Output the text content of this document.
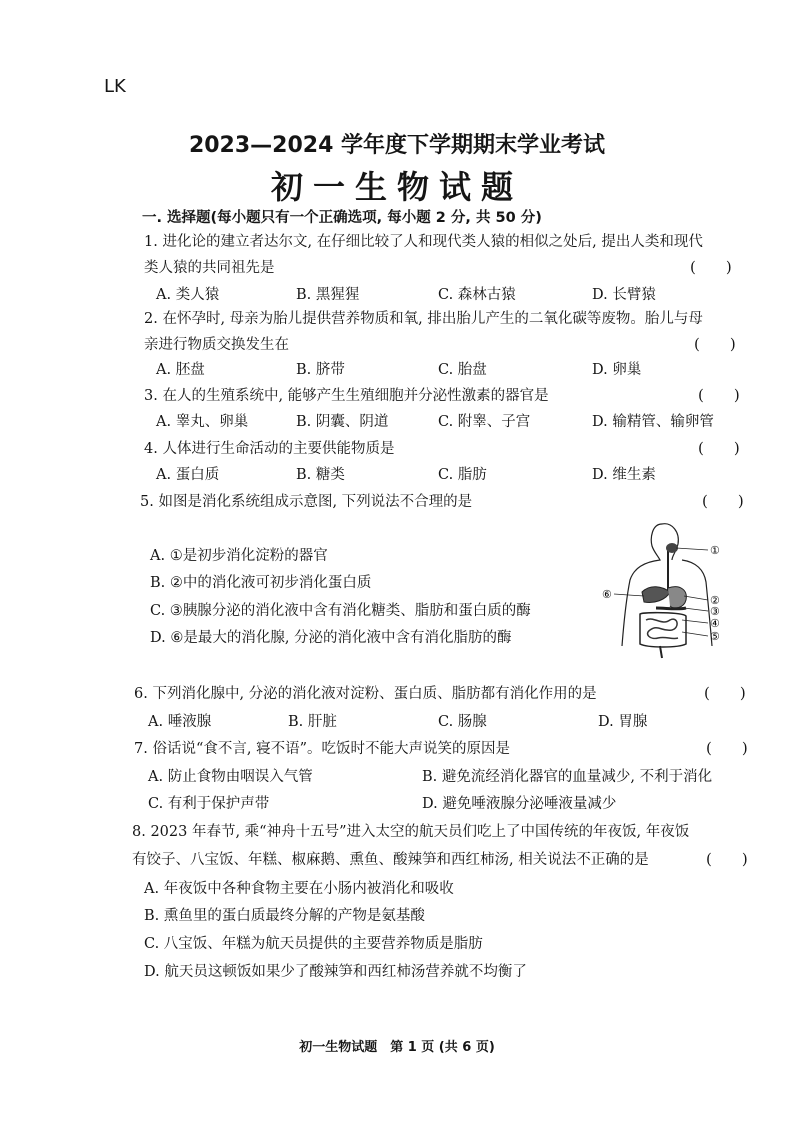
LK
2023—2024 学年度下学期期末学业考试
初一生物试题
一. 选择题(每小题只有一个正确选项, 每小题 2 分, 共 50 分)
1. 进化论的建立者达尔文, 在仔细比较了人和现代类人猿的相似之处后, 提出人类和现代
类人猿的共同祖先是	(　　)
A. 类人猿	B. 黑猩猩	C. 森林古猿	D. 长臂猿
2. 在怀孕时, 母亲为胎儿提供营养物质和氧, 排出胎儿产生的二氧化碳等废物。胎儿与母
亲进行物质交换发生在	(　　)
A. 胚盘	B. 脐带	C. 胎盘	D. 卵巢
3. 在人的生殖系统中, 能够产生生殖细胞并分泌性激素的器官是	(　　)
A. 睾丸、卵巢	B. 阴囊、阴道	C. 附睾、子宫	D. 输精管、输卵管
4. 人体进行生命活动的主要供能物质是	(　　)
A. 蛋白质	B. 糖类	C. 脂肪	D. 维生素
5. 如图是消化系统组成示意图, 下列说法不合理的是	(　　)
A. ①是初步消化淀粉的器官
B. ②中的消化液可初步消化蛋白质
C. ③胰腺分泌的消化液中含有消化糖类、脂肪和蛋白质的酶
D. ⑥是最大的消化腺, 分泌的消化液中含有消化脂肪的酶
①
②
③
④
⑤
⑥
6. 下列消化腺中, 分泌的消化液对淀粉、蛋白质、脂肪都有消化作用的是	(　　)
A. 唾液腺	B. 肝脏	C. 肠腺	D. 胃腺
7. 俗话说“食不言, 寝不语”。吃饭时不能大声说笑的原因是	(　　)
A. 防止食物由咽误入气管	B. 避免流经消化器官的血量减少, 不利于消化
C. 有利于保护声带	D. 避免唾液腺分泌唾液量减少
8. 2023 年春节, 乘“神舟十五号”进入太空的航天员们吃上了中国传统的年夜饭, 年夜饭
有饺子、八宝饭、年糕、椒麻鹅、熏鱼、酸辣笋和西红柿汤, 相关说法不正确的是	(　　)
A. 年夜饭中各种食物主要在小肠内被消化和吸收
B. 熏鱼里的蛋白质最终分解的产物是氨基酸
C. 八宝饭、年糕为航天员提供的主要营养物质是脂肪
D. 航天员这顿饭如果少了酸辣笋和西红柿汤营养就不均衡了
初一生物试题　第 1 页 (共 6 页)
